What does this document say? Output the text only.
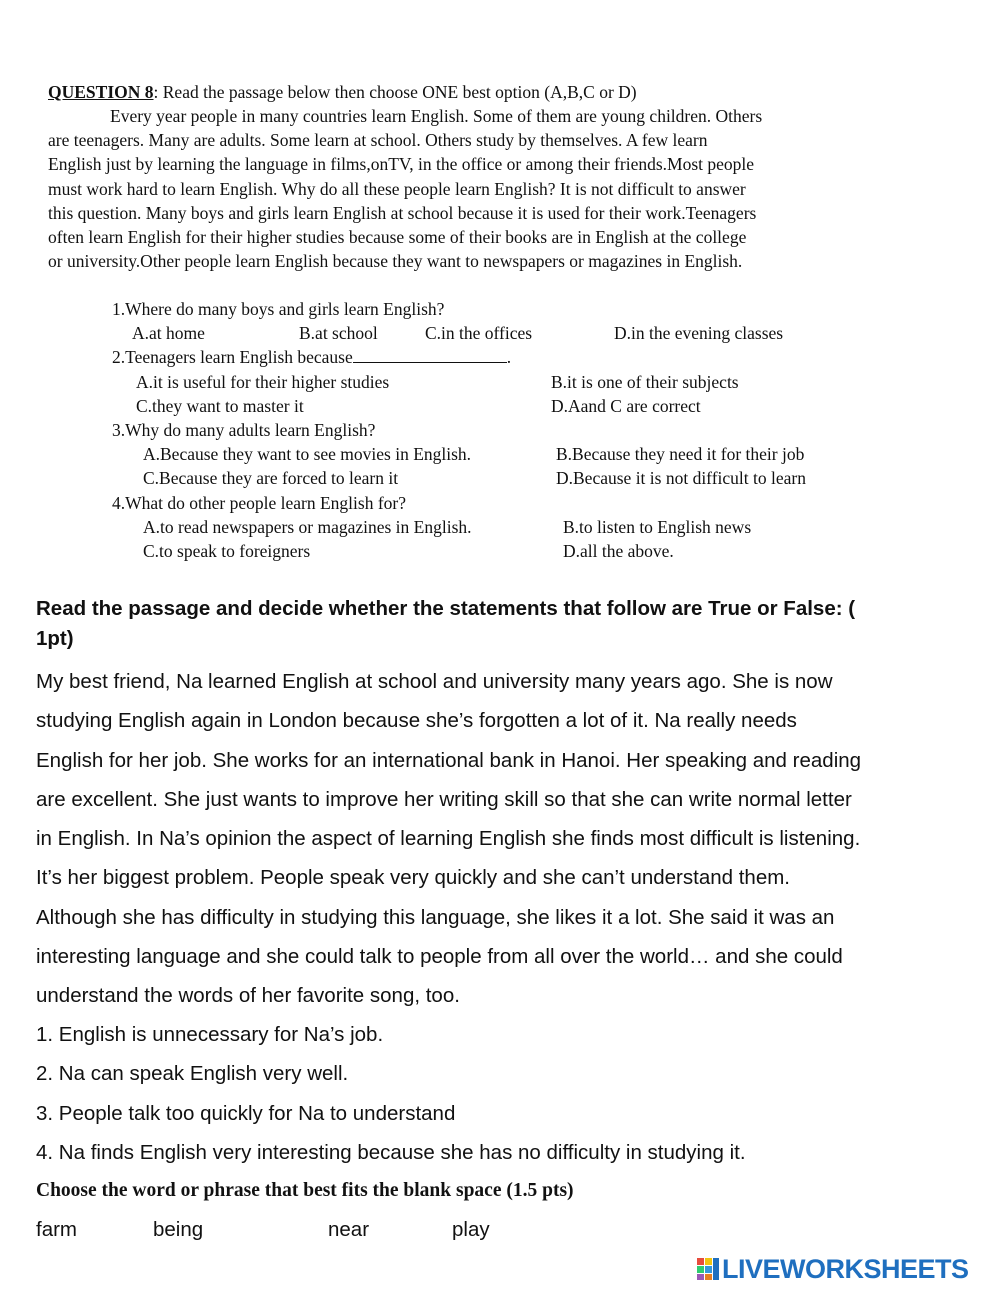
QUESTION 8: Read the passage below then choose ONE best option (A,B,C or D)
Every year people in many countries learn English. Some of them are young children. Others
are teenagers. Many are adults. Some learn at school. Others study by themselves. A few learn
English just by learning the language in films,onTV, in the office or among their friends.Most people
must work hard to learn English. Why do all these people learn English? It is not difficult to answer
this question. Many boys and girls learn English at school because it is used for their work.Teenagers
often learn English for their higher studies because some of their books are in English at the college
or university.Other people learn English because they want to newspapers or magazines in English.
1.Where do many boys and girls learn English?
A.at home	B.at school	C.in the offices	D.in the evening classes
2.Teenagers learn English because	.
A.it is useful for their higher studies	B.it is one of their subjects
C.they want to master it	D.Aand C are correct
3.Why do many adults learn English?
A.Because they want to see movies in English.	B.Because they need it for their job
C.Because they are forced to learn it	D.Because it is not difficult to learn
4.What do other people learn English for?
A.to read newspapers or magazines in English.	B.to listen to English news
C.to speak to foreigners	D.all the above.
Read the passage and decide whether the statements that follow are True or False: (
1pt)
My best friend, Na learned English at school and university many years ago. She is now
studying English again in London because she’s forgotten a lot of it. Na really needs
English for her job. She works for an international bank in Hanoi. Her speaking and reading
are excellent. She just wants to improve her writing skill so that she can write normal letter
in English. In Na’s opinion the aspect of learning English she finds most difficult is listening.
It’s her biggest problem. People speak very quickly and she can’t understand them.
Although she has difficulty in studying this language, she likes it a lot. She said it was an
interesting language and she could talk to people from all over the world… and she could
understand the words of her favorite song, too.
1. English is unnecessary for Na’s job.
2. Na can speak English very well.
3. People talk too quickly for Na to understand
4. Na finds English very interesting because she has no difficulty in studying it.
Choose the word or phrase that best fits the blank space (1.5 pts)
farm	being	near	play
LIVEWORKSHEETS
